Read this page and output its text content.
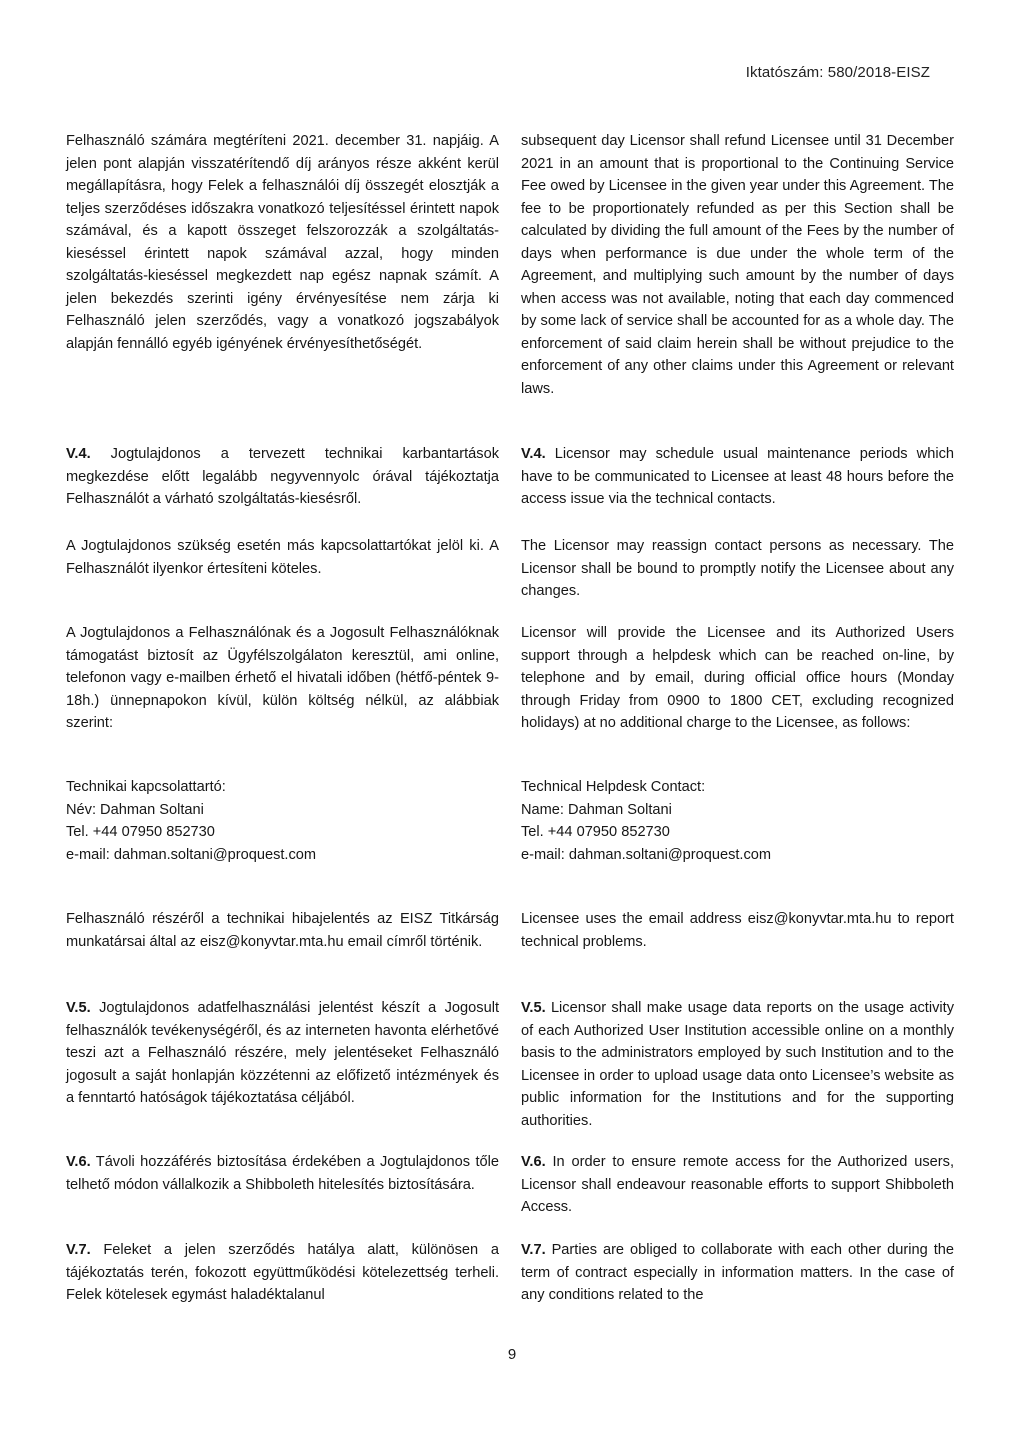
Iktatószám: 580/2018-EISZ

Felhasználó számára megtéríteni 2021. december 31. napjáig. A jelen pont alapján visszatérítendő díj arányos része akként kerül megállapításra, hogy Felek a felhasználói díj összegét elosztják a teljes szerződéses időszakra vonatkozó teljesítéssel érintett napok számával, és a kapott összeget felszorozzák a szolgáltatás-kieséssel érintett napok számával azzal, hogy minden szolgáltatás-kieséssel megkezdett nap egész napnak számít. A jelen bekezdés szerinti igény érvényesítése nem zárja ki Felhasználó jelen szerződés, vagy a vonatkozó jogszabályok alapján fennálló egyéb igényének érvényesíthetőségét.

subsequent day Licensor shall refund Licensee until 31 December 2021 in an amount that is proportional to the Continuing Service Fee owed by Licensee in the given year under this Agreement. The fee to be proportionately refunded as per this Section shall be calculated by dividing the full amount of the Fees by the number of days when performance is due under the whole term of the Agreement, and multiplying such amount by the number of days when access was not available, noting that each day commenced by some lack of service shall be accounted for as a whole day. The enforcement of said claim herein shall be without prejudice to the enforcement of any other claims under this Agreement or relevant laws.

V.4. Jogtulajdonos a tervezett technikai karbantartások megkezdése előtt legalább negyvennyolc órával tájékoztatja Felhasználót a várható szolgáltatás-kiesésről.

V.4. Licensor may schedule usual maintenance periods which have to be communicated to Licensee at least 48 hours before the access issue via the technical contacts.

A Jogtulajdonos szükség esetén más kapcsolattartókat jelöl ki. A Felhasználót ilyenkor értesíteni köteles.

The Licensor may reassign contact persons as necessary. The Licensor shall be bound to promptly notify the Licensee about any changes.

A Jogtulajdonos a Felhasználónak és a Jogosult Felhasználóknak támogatást biztosít az Ügyfélszolgálaton keresztül, ami online, telefonon vagy e-mailben érhető el hivatali időben (hétfő-péntek 9-18h.) ünnepnapokon kívül, külön költség nélkül, az alábbiak szerint:

Licensor will provide the Licensee and its Authorized Users support through a helpdesk which can be reached on-line, by telephone and by email, during official office hours (Monday through Friday from 0900 to 1800 CET, excluding recognized holidays) at no additional charge to the Licensee, as follows:

Technikai kapcsolattartó:

Név: Dahman Soltani

Tel. +44 07950 852730

e-mail: dahman.soltani@proquest.com

Technical Helpdesk Contact:

Name: Dahman Soltani

Tel. +44 07950 852730

e-mail: dahman.soltani@proquest.com

Felhasználó részéről a technikai hibajelentés az EISZ Titkárság munkatársai által az eisz@konyvtar.mta.hu email címről történik.

Licensee uses the email address eisz@konyvtar.mta.hu to report technical problems.

V.5. Jogtulajdonos adatfelhasználási jelentést készít a Jogosult felhasználók tevékenységéről, és az interneten havonta elérhetővé teszi azt a Felhasználó részére, mely jelentéseket Felhasználó jogosult a saját honlapján közzétenni az előfizető intézmények és a fenntartó hatóságok tájékoztatása céljából.

V.5. Licensor shall make usage data reports on the usage activity of each Authorized User Institution accessible online on a monthly basis to the administrators employed by such Institution and to the Licensee in order to upload usage data onto Licensee’s website as public information for the Institutions and for the supporting authorities.

V.6. Távoli hozzáférés biztosítása érdekében a Jogtulajdonos tőle telhető módon vállalkozik a Shibboleth hitelesítés biztosítására.

V.6. In order to ensure remote access for the Authorized users, Licensor shall endeavour reasonable efforts to support Shibboleth Access.

V.7. Feleket a jelen szerződés hatálya alatt, különösen a tájékoztatás terén, fokozott együttműködési kötelezettség terheli. Felek kötelesek egymást haladéktalanul

V.7. Parties are obliged to collaborate with each other during the term of contract especially in information matters. In the case of any conditions related to the

9
